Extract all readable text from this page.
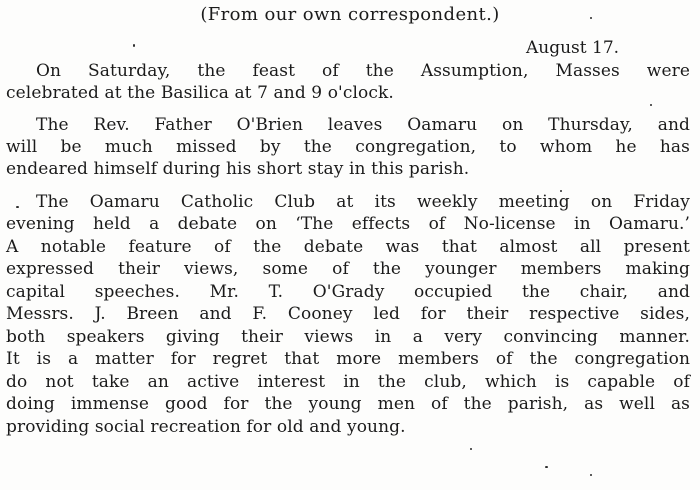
(From our own correspondent.)
August 17.
On Saturday, the feast of the Assumption, Masses were
celebrated at the Basilica at 7 and 9 o'clock.
The Rev. Father O'Brien leaves Oamaru on Thursday, and
will be much missed by the congregation, to whom he has
endeared himself during his short stay in this parish.
The Oamaru Catholic Club at its weekly meeting on Friday
evening held a debate on ‘The effects of No-license in Oamaru.’
A notable feature of the debate was that almost all present
expressed their views, some of the younger members making
capital speeches. Mr. T. O'Grady occupied the chair, and
Messrs. J. Breen and F. Cooney led for their respective sides,
both speakers giving their views in a very convincing manner.
It is a matter for regret that more members of the congregation
do not take an active interest in the club, which is capable of
doing immense good for the young men of the parish, as well as
providing social recreation for old and young.
